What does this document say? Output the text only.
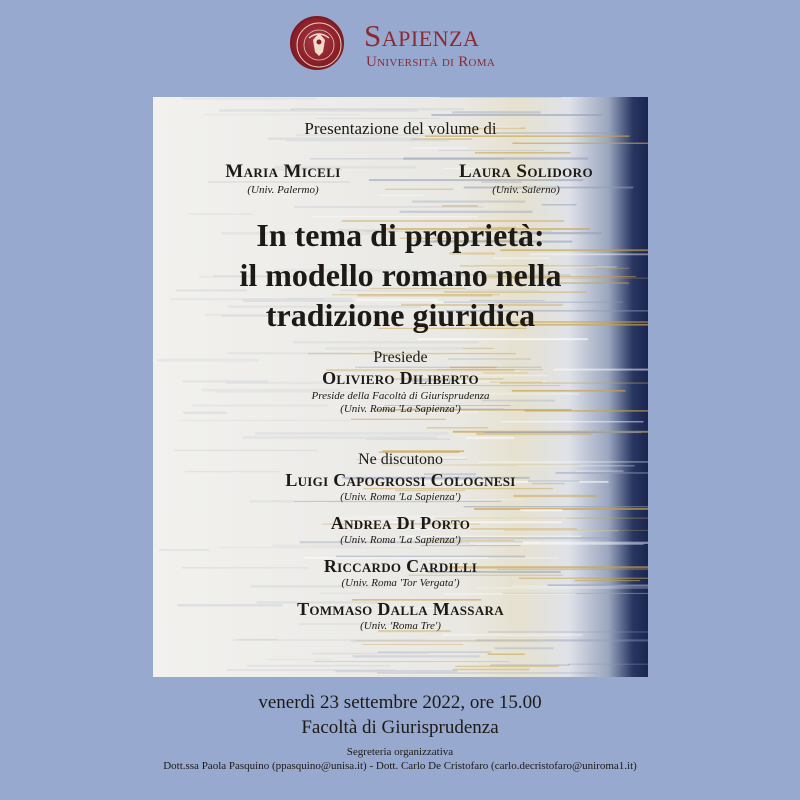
Sapienza
Università di Roma
Presentazione del volume di
Maria Miceli
(Univ. Palermo)
Laura Solidoro
(Univ. Salerno)
In tema di proprietà:
il modello romano nella
tradizione giuridica
Presiede
Oliviero Diliberto
Preside della Facoltà di Giurisprudenza
(Univ. Roma 'La Sapienza')
Ne discutono
Luigi Capogrossi Colognesi
(Univ. Roma 'La Sapienza')
Andrea Di Porto
(Univ. Roma 'La Sapienza')
Riccardo Cardilli
(Univ. Roma 'Tor Vergata')
Tommaso Dalla Massara
(Univ. 'Roma Tre')
venerdì 23 settembre 2022, ore 15.00
Facoltà di Giurisprudenza
Segreteria organizzativa
Dott.ssa Paola Pasquino (ppasquino@unisa.it) - Dott. Carlo De Cristofaro (carlo.decristofaro@uniroma1.it)
